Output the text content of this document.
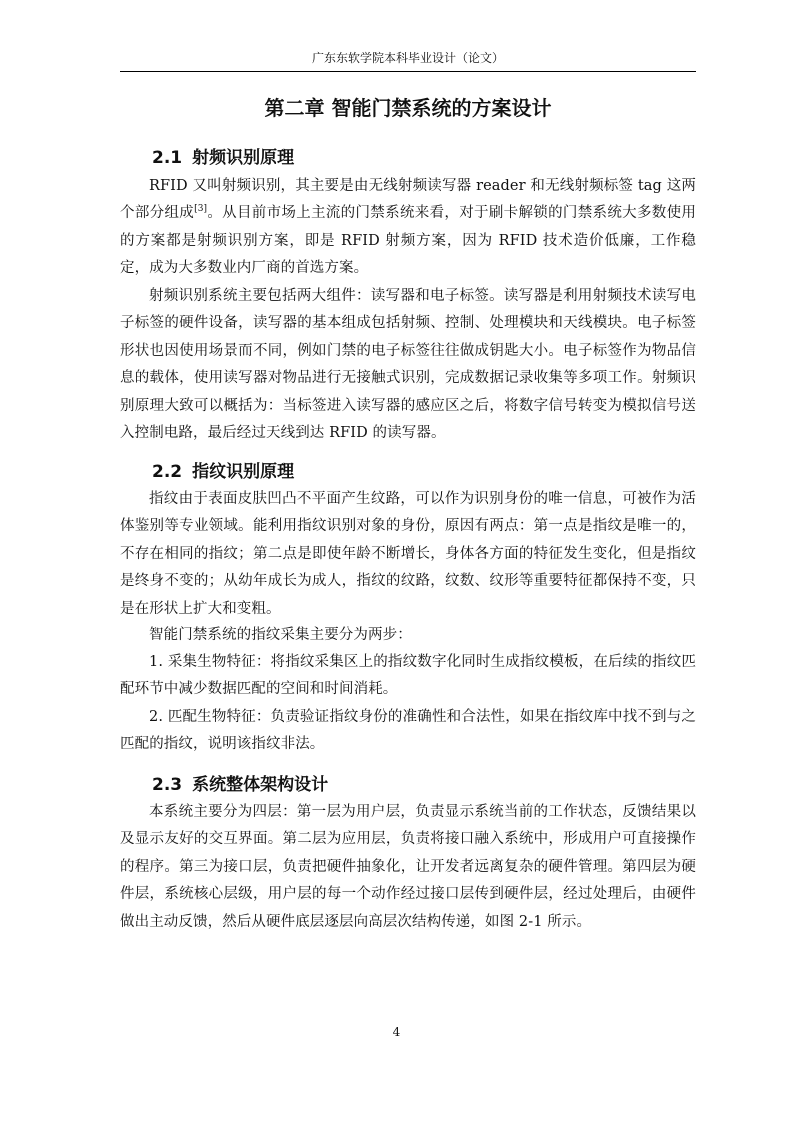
广东东软学院本科毕业设计（论文）
第二章 智能门禁系统的方案设计
2.1 射频识别原理

RFID 又叫射频识别，其主要是由无线射频读写器 reader 和无线射频标签 tag 这两个部分组成[3]。从目前市场上主流的门禁系统来看，对于刷卡解锁的门禁系统大多数使用的方案都是射频识别方案，即是 RFID 射频方案，因为 RFID 技术造价低廉，工作稳定，成为大多数业内厂商的首选方案。

射频识别系统主要包括两大组件：读写器和电子标签。读写器是利用射频技术读写电子标签的硬件设备，读写器的基本组成包括射频、控制、处理模块和天线模块。电子标签形状也因使用场景而不同，例如门禁的电子标签往往做成钥匙大小。电子标签作为物品信息的载体，使用读写器对物品进行无接触式识别，完成数据记录收集等多项工作。射频识别原理大致可以概括为：当标签进入读写器的感应区之后，将数字信号转变为模拟信号送入控制电路，最后经过天线到达 RFID 的读写器。

2.2 指纹识别原理

指纹由于表面皮肤凹凸不平面产生纹路，可以作为识别身份的唯一信息，可被作为活体鉴别等专业领域。能利用指纹识别对象的身份，原因有两点：第一点是指纹是唯一的，不存在相同的指纹；第二点是即使年龄不断增长，身体各方面的特征发生变化，但是指纹是终身不变的；从幼年成长为成人，指纹的纹路，纹数、纹形等重要特征都保持不变，只是在形状上扩大和变粗。

智能门禁系统的指纹采集主要分为两步：

1. 采集生物特征：将指纹采集区上的指纹数字化同时生成指纹模板，在后续的指纹匹配环节中减少数据匹配的空间和时间消耗。

2. 匹配生物特征：负责验证指纹身份的准确性和合法性，如果在指纹库中找不到与之匹配的指纹，说明该指纹非法。

2.3 系统整体架构设计

本系统主要分为四层：第一层为用户层，负责显示系统当前的工作状态，反馈结果以及显示友好的交互界面。第二层为应用层，负责将接口融入系统中，形成用户可直接操作的程序。第三为接口层，负责把硬件抽象化，让开发者远离复杂的硬件管理。第四层为硬件层，系统核心层级，用户层的每一个动作经过接口层传到硬件层，经过处理后，由硬件做出主动反馈，然后从硬件底层逐层向高层次结构传递，如图 2-1 所示。

4
